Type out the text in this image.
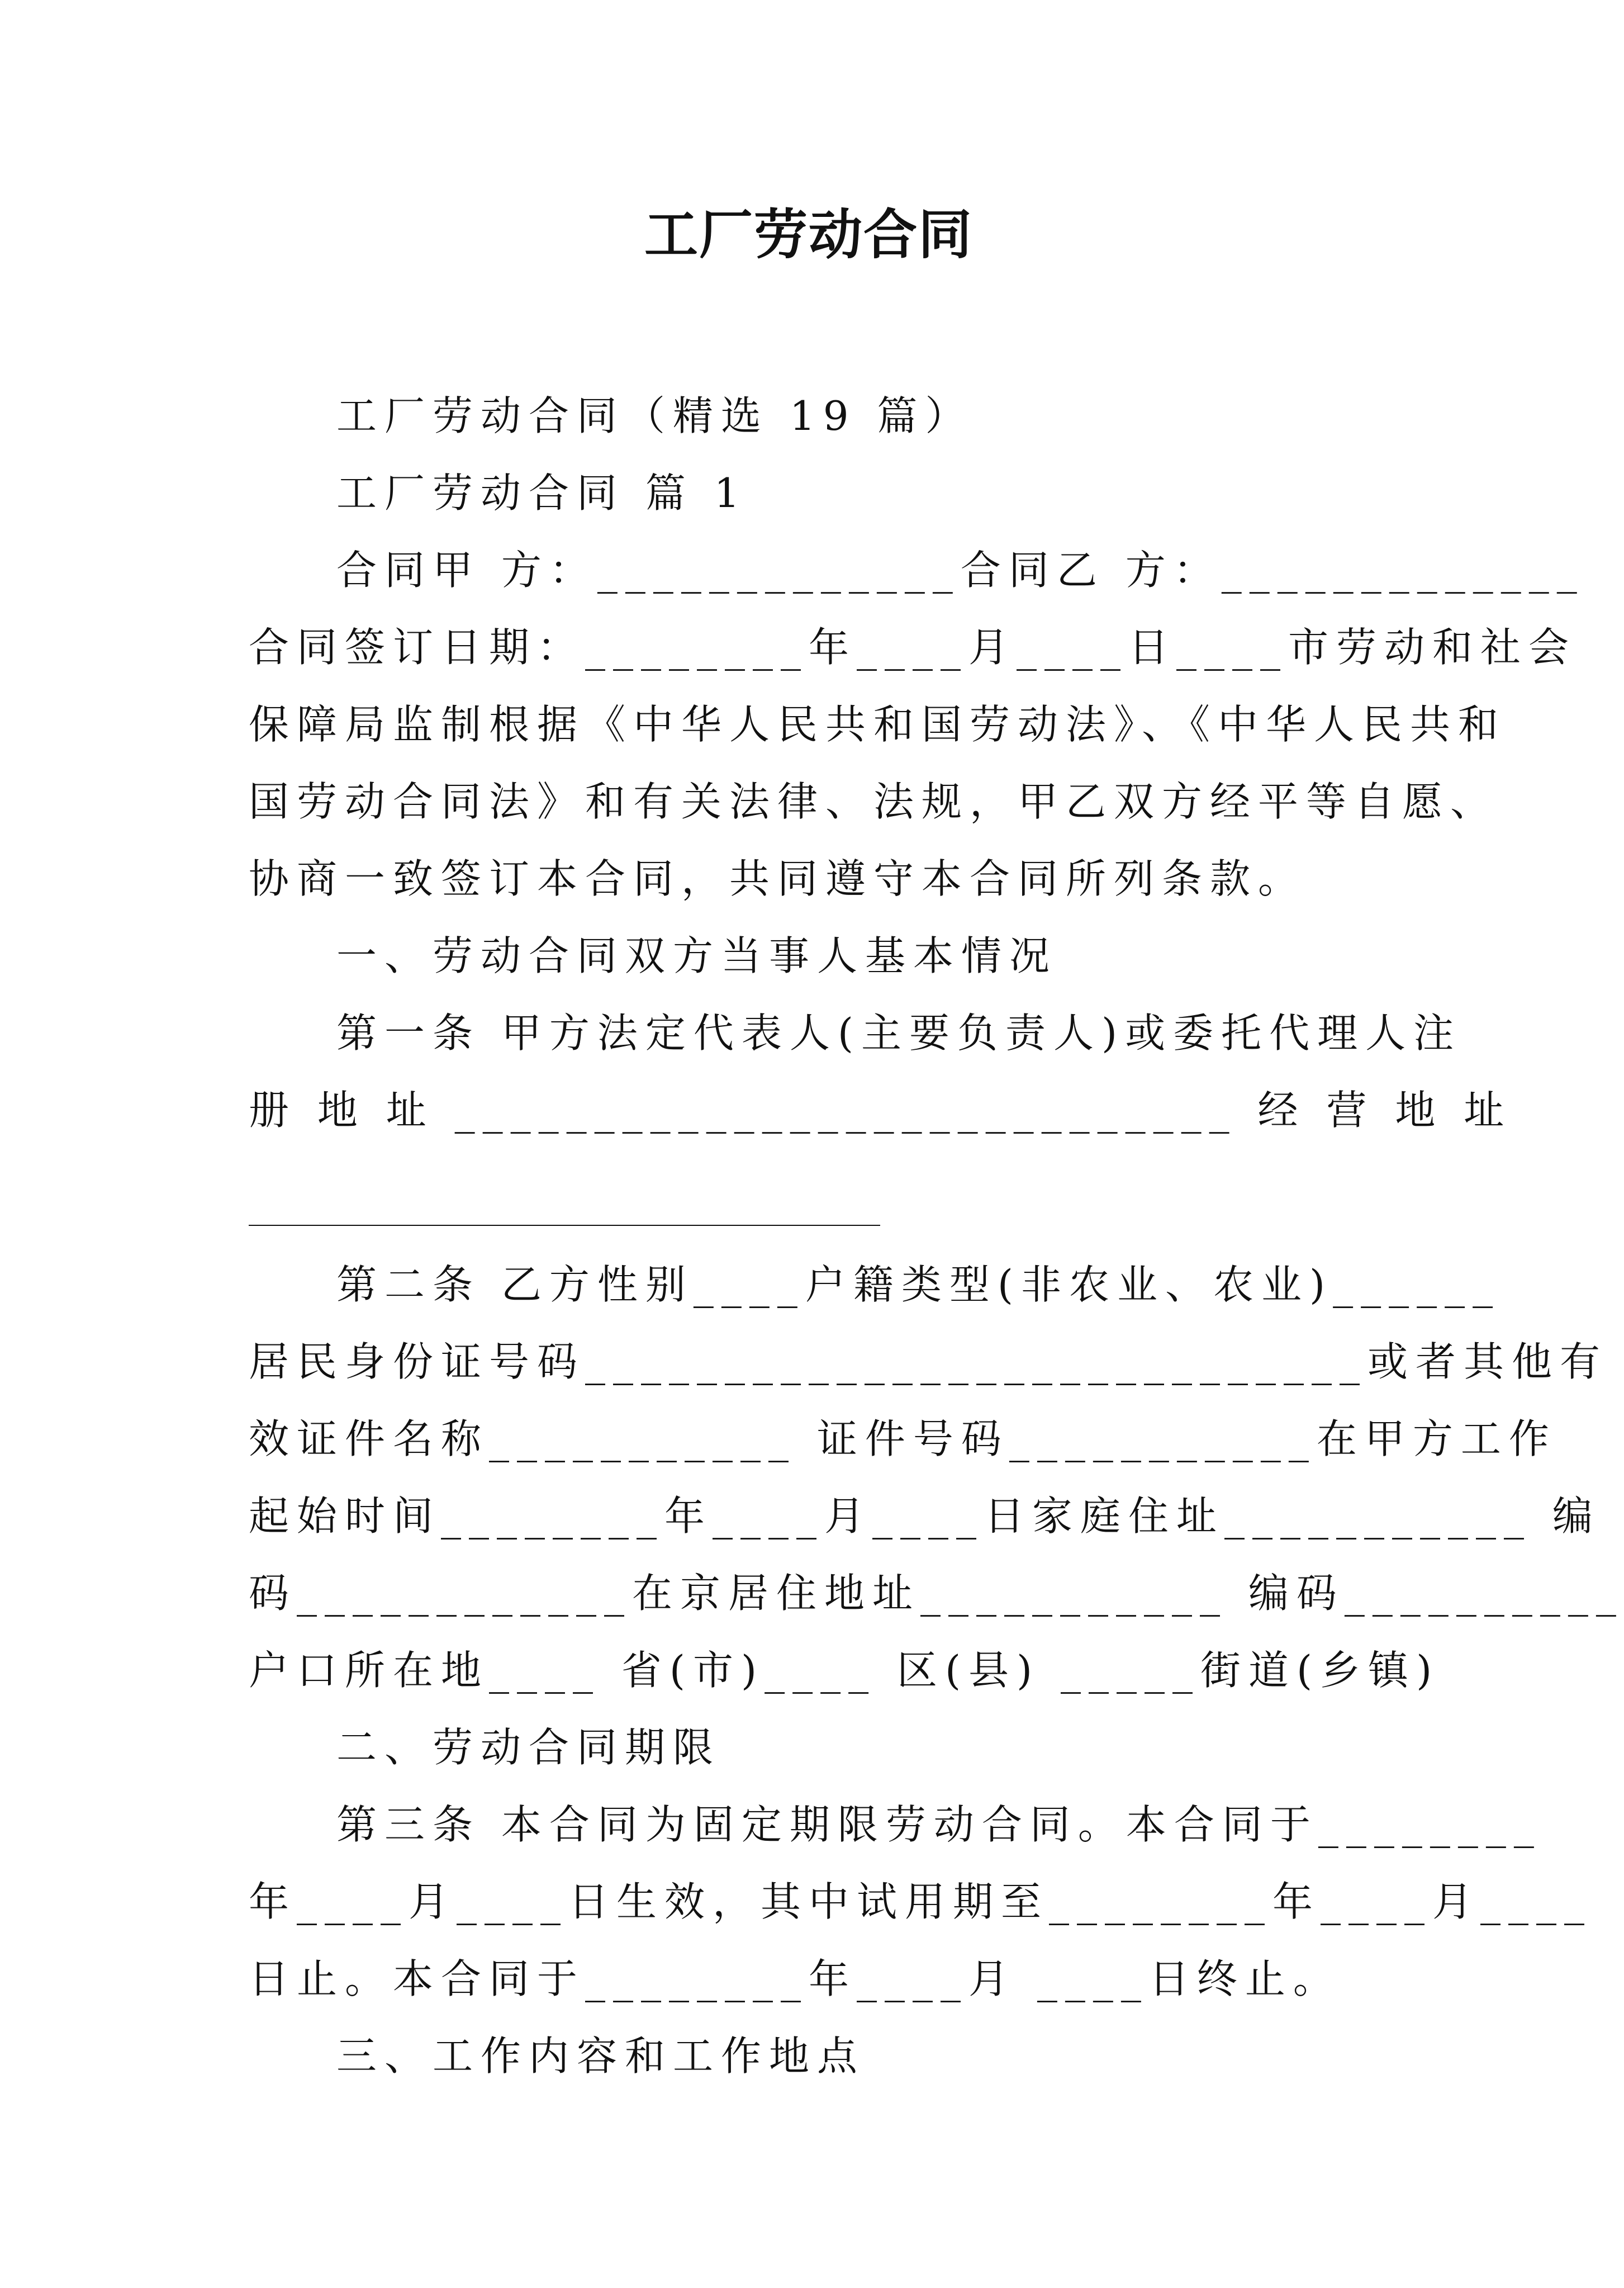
工厂劳动合同

工厂劳动合同（精选 19 篇）

工厂劳动合同 篇 1

合同甲 方：_____________合同乙 方：_____________

合同签订日期：________年____月____日____市劳动和社会

保障局监制根据《中华人民共和国劳动法》、《中华人民共和

国劳动合同法》和有关法律、法规，甲乙双方经平等自愿、

协商一致签订本合同，共同遵守本合同所列条款。

一、劳动合同双方当事人基本情况

第一条 甲方法定代表人(主要负责人)或委托代理人注

册 地 址 ____________________________ 经 营 地 址

第二条 乙方性别____户籍类型(非农业、农业)______

居民身份证号码____________________________或者其他有

效证件名称___________ 证件号码___________在甲方工作

起始时间________年____月____日家庭住址___________ 编

码____________在京居住地址___________ 编码__________

户口所在地____ 省(市)____ 区(县) _____街道(乡镇)

二、劳动合同期限

第三条 本合同为固定期限劳动合同。本合同于________

年____月____日生效，其中试用期至________年____月____

日止。本合同于________年____月 ____日终止。

三、工作内容和工作地点
